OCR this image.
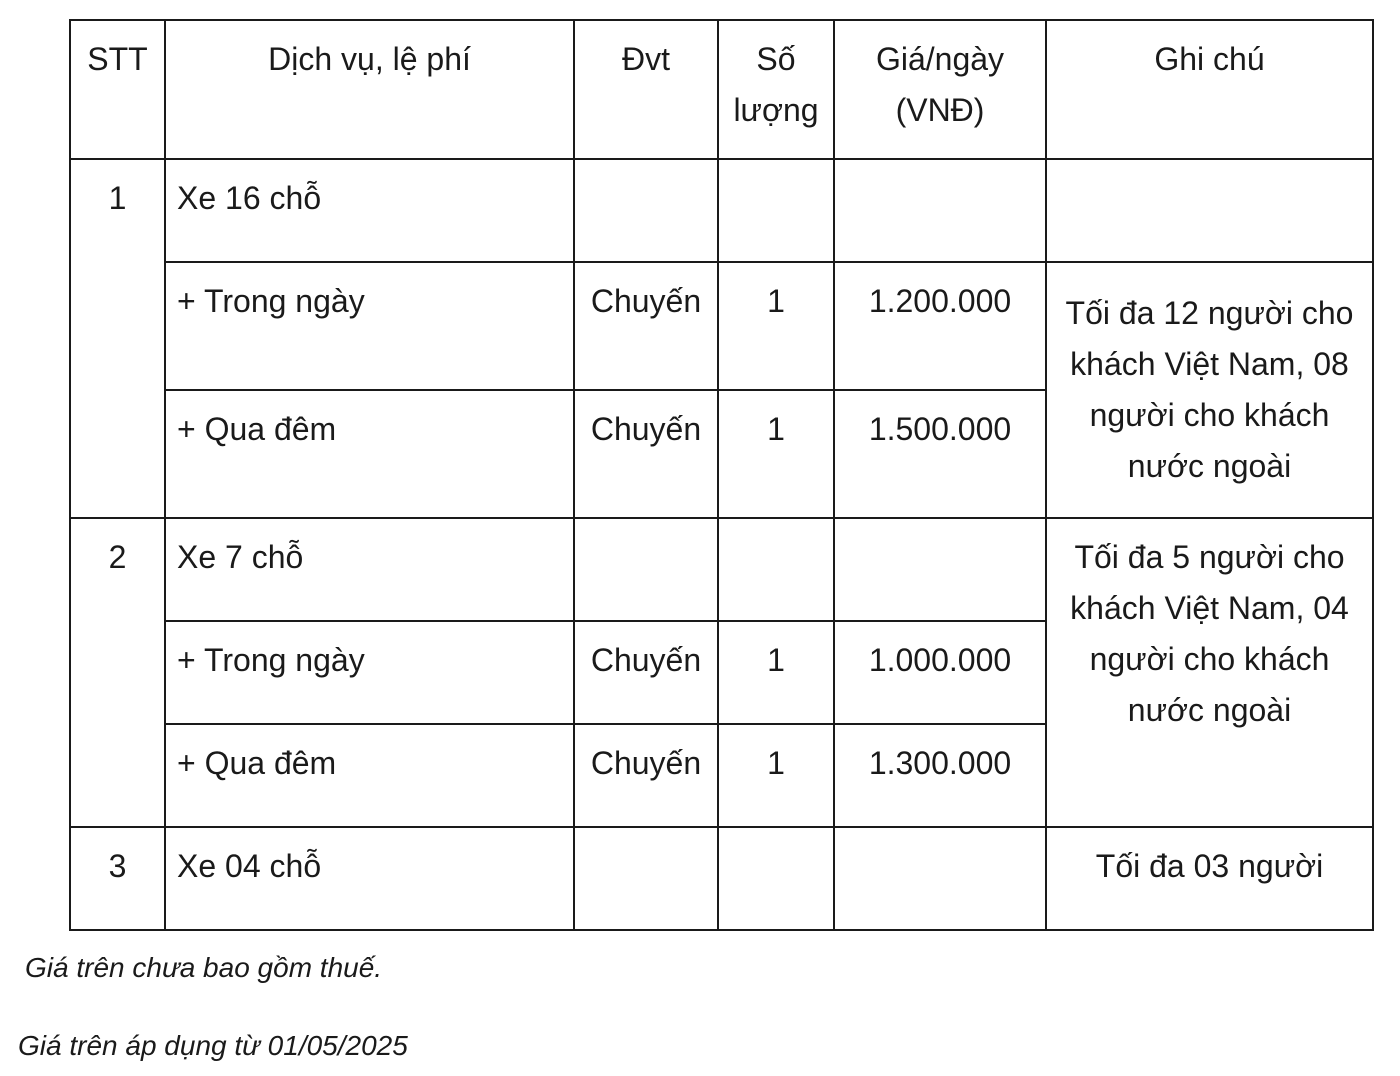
STT	Dịch vụ, lệ phí	Đvt	Số lượng	Giá/ngày (VNĐ)	Ghi chú
1	Xe 16 chỗ				
	+ Trong ngày	Chuyến	1	1.200.000	Tối đa 12 người cho khách Việt Nam, 08 người cho khách nước ngoài
	+ Qua đêm	Chuyến	1	1.500.000	
2	Xe 7 chỗ				Tối đa 5 người cho khách Việt Nam, 04 người cho khách nước ngoài
	+ Trong ngày	Chuyến	1	1.000.000	
	+ Qua đêm	Chuyến	1	1.300.000	
3	Xe 04 chỗ				Tối đa 03 người
Giá trên chưa bao gồm thuế.
Giá trên áp dụng từ 01/05/2025
